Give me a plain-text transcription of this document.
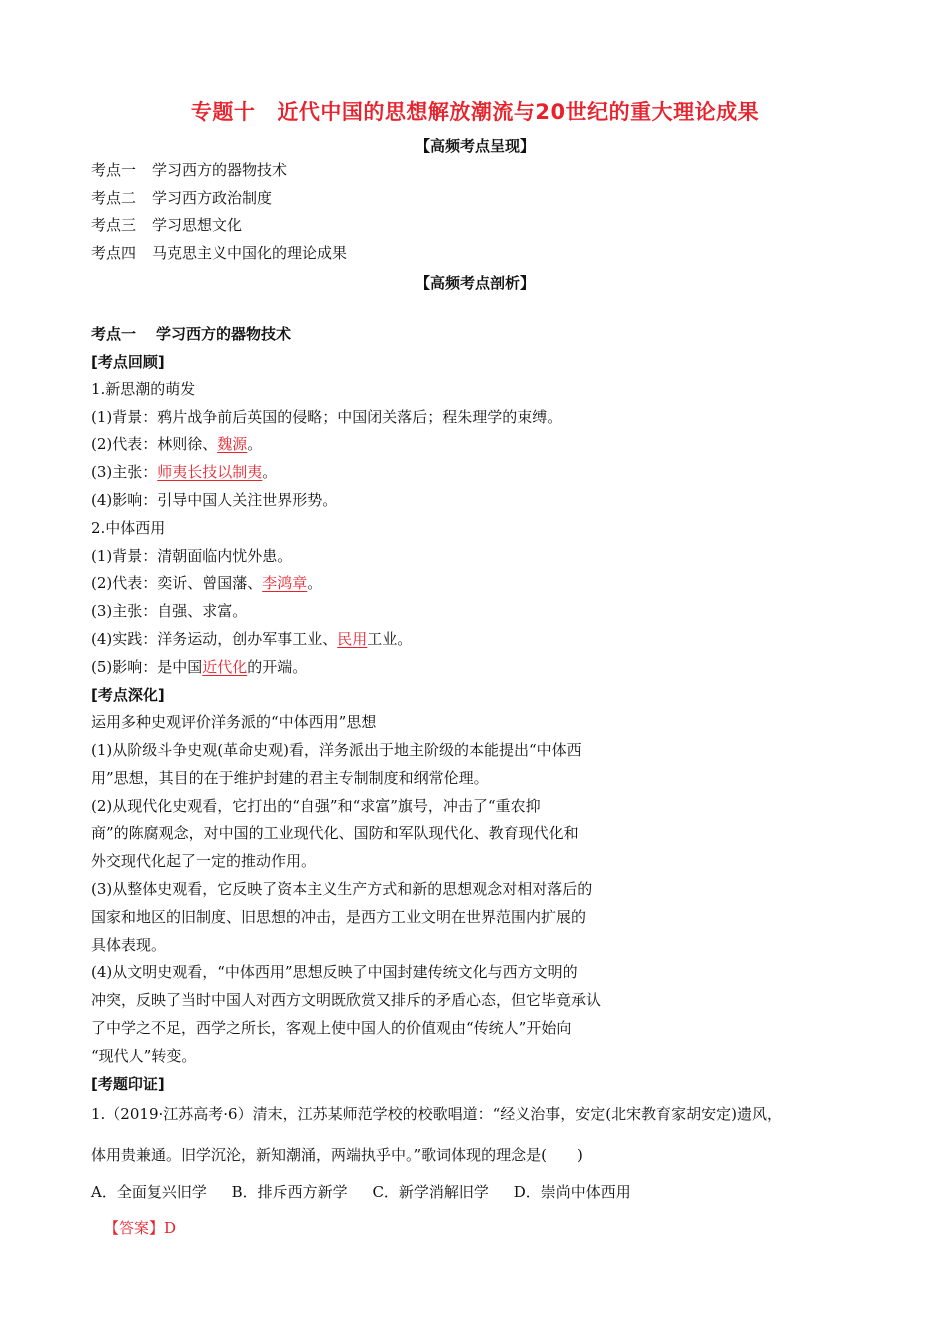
专题十 近代中国的思想解放潮流与20世纪的重大理论成果
【高频考点呈现】
考点一 学习西方的器物技术
考点二 学习西方政治制度
考点三 学习思想文化
考点四 马克思主义中国化的理论成果
【高频考点剖析】
考点一 学习西方的器物技术
[考点回顾]
1.新思潮的萌发
(1)背景：鸦片战争前后英国的侵略；中国闭关落后；程朱理学的束缚。
(2)代表：林则徐、魏源。
(3)主张：师夷长技以制夷。
(4)影响：引导中国人关注世界形势。
2.中体西用
(1)背景：清朝面临内忧外患。
(2)代表：奕䜣、曾国藩、李鸿章。
(3)主张：自强、求富。
(4)实践：洋务运动，创办军事工业、民用工业。
(5)影响：是中国近代化的开端。
[考点深化]
运用多种史观评价洋务派的“中体西用”思想
(1)从阶级斗争史观(革命史观)看，洋务派出于地主阶级的本能提出“中体西
用”思想，其目的在于维护封建的君主专制制度和纲常伦理。
(2)从现代化史观看，它打出的“自强”和“求富”旗号，冲击了“重农抑
商”的陈腐观念，对中国的工业现代化、国防和军队现代化、教育现代化和
外交现代化起了一定的推动作用。
(3)从整体史观看，它反映了资本主义生产方式和新的思想观念对相对落后的
国家和地区的旧制度、旧思想的冲击，是西方工业文明在世界范围内扩展的
具体表现。
(4)从文明史观看，“中体西用”思想反映了中国封建传统文化与西方文明的
冲突，反映了当时中国人对西方文明既欣赏又排斥的矛盾心态，但它毕竟承认
了中学之不足，西学之所长，客观上使中国人的价值观由“传统人”开始向
“现代人”转变。
[考题印证]
1.（2019·江苏高考·6）清末，江苏某师范学校的校歌唱道：“经义治事，安定(北宋教育家胡安定)遗风，
体用贵兼通。旧学沉沦，新知潮涌，两端执乎中。”歌词体现的理念是(　　)
A．全面复兴旧学 B．排斥西方新学 C．新学消解旧学 D．崇尚中体西用
【答案】D
